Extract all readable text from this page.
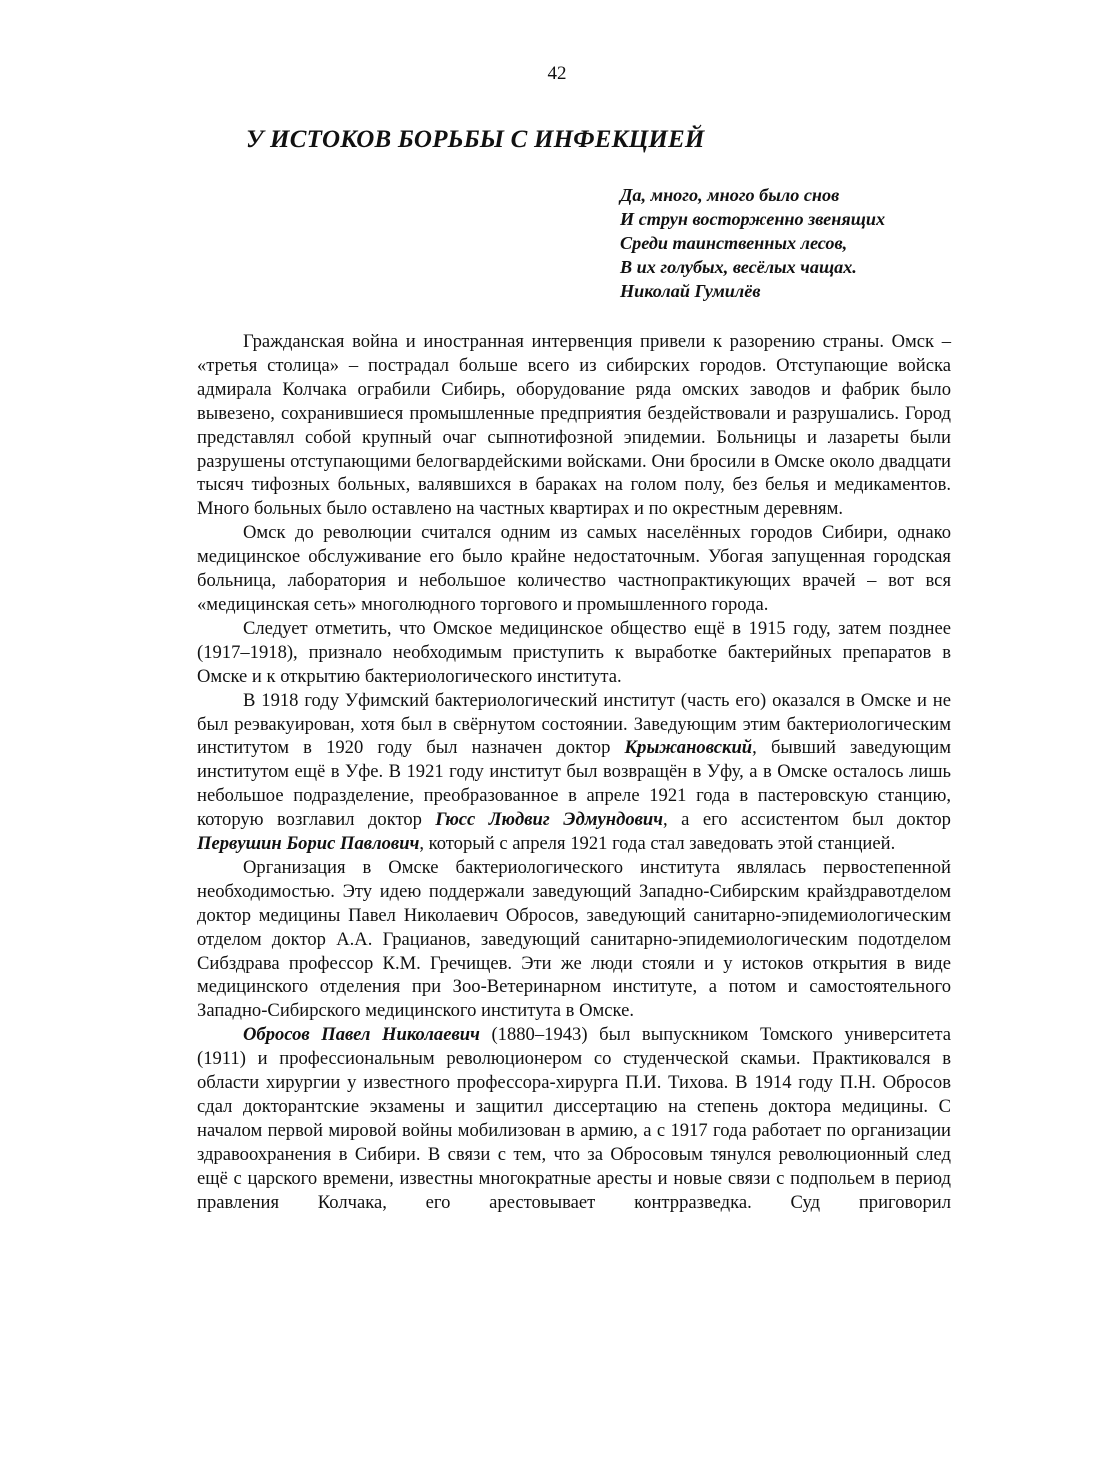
42
У ИСТОКОВ БОРЬБЫ С ИНФЕКЦИЕЙ
Да, много, много было снов
И струн восторженно звенящих
Среди таинственных лесов,
В их голубых, весёлых чащах.
Николай Гумилёв

Гражданская война и иностранная интервенция привели к разорению страны. Омск – «третья столица» – пострадал больше всего из сибирских городов. Отступающие войска адмирала Колчака ограбили Сибирь, оборудование ряда омских заводов и фабрик было вывезено, сохранившиеся промышленные предприятия бездействовали и разрушались. Город представлял собой крупный очаг сыпнотифозной эпидемии. Больницы и лазареты были разрушены отступающими белогвардейскими войсками. Они бросили в Омске около двадцати тысяч тифозных больных, валявшихся в бараках на голом полу, без белья и медикаментов. Много больных было оставлено на частных квартирах и по окрестным деревням.

Омск до революции считался одним из самых населённых городов Сибири, однако медицинское обслуживание его было крайне недостаточным. Убогая запущенная городская больница, лаборатория и небольшое количество частнопрактикующих врачей – вот вся «медицинская сеть» многолюдного торгового и промышленного города.

Следует отметить, что Омское медицинское общество ещё в 1915 году, затем позднее (1917–1918), признало необходимым приступить к выработке бактерийных препаратов в Омске и к открытию бактериологического института.

В 1918 году Уфимский бактериологический институт (часть его) оказался в Омске и не был реэвакуирован, хотя был в свёрнутом состоянии. Заведующим этим бактериологическим институтом в 1920 году был назначен доктор Крыжановский, бывший заведующим институтом ещё в Уфе. В 1921 году институт был возвращён в Уфу, а в Омске осталось лишь небольшое подразделение, преобразованное в апреле 1921 года в пастеровскую станцию, которую возглавил доктор Гюсс Людвиг Эдмундович, а его ассистентом был доктор Первушин Борис Павлович, который с апреля 1921 года стал заведовать этой станцией.

Организация в Омске бактериологического института являлась первостепенной необходимостью. Эту идею поддержали заведующий Западно-Сибирским крайздравотделом доктор медицины Павел Николаевич Обросов, заведующий санитарно-эпидемиологическим отделом доктор А.А. Грацианов, заведующий санитарно-эпидемиологическим подотделом Сибздрава профессор К.М. Гречищев. Эти же люди стояли и у истоков открытия в виде медицинского отделения при Зоо-Ветеринарном институте, а потом и самостоятельного Западно-Сибирского медицинского института в Омске.

Обросов Павел Николаевич (1880–1943) был выпускником Томского университета (1911) и профессиональным революционером со студенческой скамьи. Практиковался в области хирургии у известного профессора-хирурга П.И. Тихова. В 1914 году П.Н. Обросов сдал докторантские экзамены и защитил диссертацию на степень доктора медицины. С началом первой мировой войны мобилизован в армию, а с 1917 года работает по организации здравоохранения в Сибири. В связи с тем, что за Обросовым тянулся революционный след ещё с царского времени, известны многократные аресты и новые связи с подпольем в период правления Колчака, его арестовывает контрразведка. Суд приговорил
